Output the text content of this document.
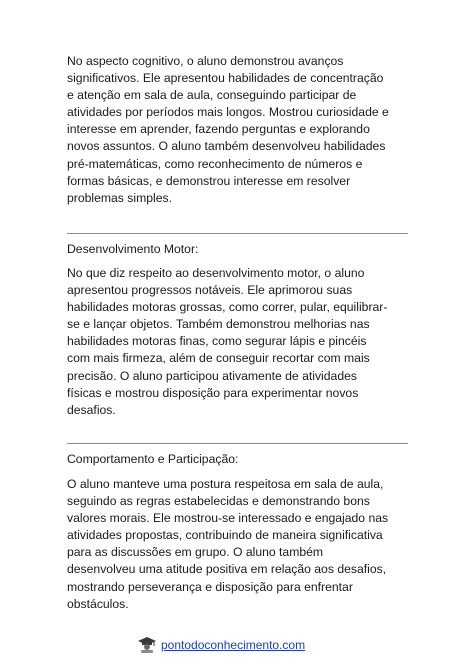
No aspecto cognitivo, o aluno demonstrou avanços
significativos. Ele apresentou habilidades de concentração
e atenção em sala de aula, conseguindo participar de
atividades por períodos mais longos. Mostrou curiosidade e
interesse em aprender, fazendo perguntas e explorando
novos assuntos. O aluno também desenvolveu habilidades
pré-matemáticas, como reconhecimento de números e
formas básicas, e demonstrou interesse em resolver
problemas simples.

Desenvolvimento Motor:

No que diz respeito ao desenvolvimento motor, o aluno
apresentou progressos notáveis. Ele aprimorou suas
habilidades motoras grossas, como correr, pular, equilibrar-
se e lançar objetos. Também demonstrou melhorias nas
habilidades motoras finas, como segurar lápis e pincéis
com mais firmeza, além de conseguir recortar com mais
precisão. O aluno participou ativamente de atividades
físicas e mostrou disposição para experimentar novos
desafios.

Comportamento e Participação:

O aluno manteve uma postura respeitosa em sala de aula,
seguindo as regras estabelecidas e demonstrando bons
valores morais. Ele mostrou-se interessado e engajado nas
atividades propostas, contribuindo de maneira significativa
para as discussões em grupo. O aluno também
desenvolveu uma atitude positiva em relação aos desafios,
mostrando perseverança e disposição para enfrentar
obstáculos.

pontodoconhecimento.com
